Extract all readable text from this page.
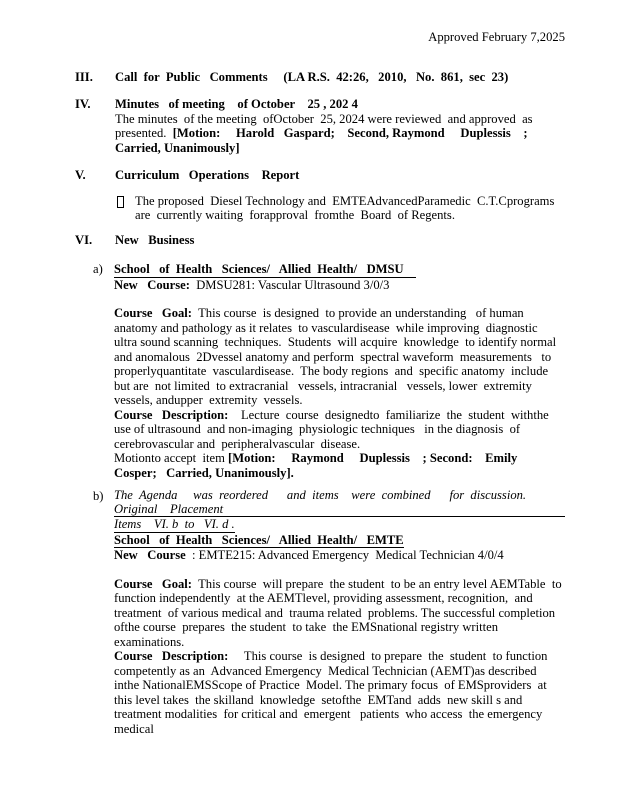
Approved February 7,2025
III.	Call  for  Public   Comments     (LA R.S.  42:26,   2010,   No.  861,  sec  23)
IV.	Minutes   of meeting    of October    25 , 202 4

The minutes  of the meeting  ofOctober  25, 2024 were reviewed  and approved  as presented.  [Motion:     Harold   Gaspard;    Second, Raymond     Duplessis    ; Carried, Unanimously]

V.	Curriculum   Operations    Report
The proposed  Diesel Technology and  EMTEAdvancedParamedic  C.T.Cprograms are  currently waiting  forapproval  fromthe  Board  of Regents.
VI.	New   Business
a) School   of  Health   Sciences/   Allied  Health/   DMSU

New   Course:  DMSU281: Vascular Ultrasound 3/0/3

Course   Goal:  This course  is designed  to provide an understanding   of human  anatomy and pathology as it relates  to vasculardisease  while improving  diagnostic  ultra sound scanning  techniques.  Students  will acquire  knowledge  to identify normal  and anomalous  2Dvessel anatomy and perform  spectral waveform  measurements   to properlyquantitate  vasculardisease.  The body regions  and  specific anatomy  include but are  not limited  to extracranial   vessels, intracranial   vessels, lower  extremity  vessels, andupper  extremity  vessels.

Course   Description:    Lecture  course  designedto  familiarize  the  student  withthe  use of ultrasound  and non-imaging  physiologic techniques   in the diagnosis  of cerebrovascular and  peripheralvascular  disease.

Motionto accept  item [Motion:     Raymond     Duplessis    ; Second:    Emily   Cosper;   Carried, Unanimously].

b) The  Agenda     was  reordered      and  items    were  combined      for  discussion.      Original    Placement
Items    VI. b  to   VI. d .
School   of  Health   Sciences/   Allied  Health/   EMTE

New   Course  : EMTE215: Advanced Emergency  Medical Technician 4/0/4

Course   Goal:  This course  will prepare  the student  to be an entry level AEMTable  to function independently  at the AEMTlevel, providing assessment, recognition,  and treatment  of various medical and  trauma related  problems. The successful completion ofthe course  prepares  the student  to take  the EMSnational registry written examinations.

Course   Description:     This course  is designed  to prepare  the  student  to function competently as an  Advanced Emergency  Medical Technician (AEMT)as described  inthe NationalEMSScope of Practice  Model. The primary focus  of EMSproviders  at this level takes  the skilland  knowledge  setofthe  EMTand  adds  new skill s and  treatment modalities  for critical and  emergent   patients  who access  the emergency  medical
